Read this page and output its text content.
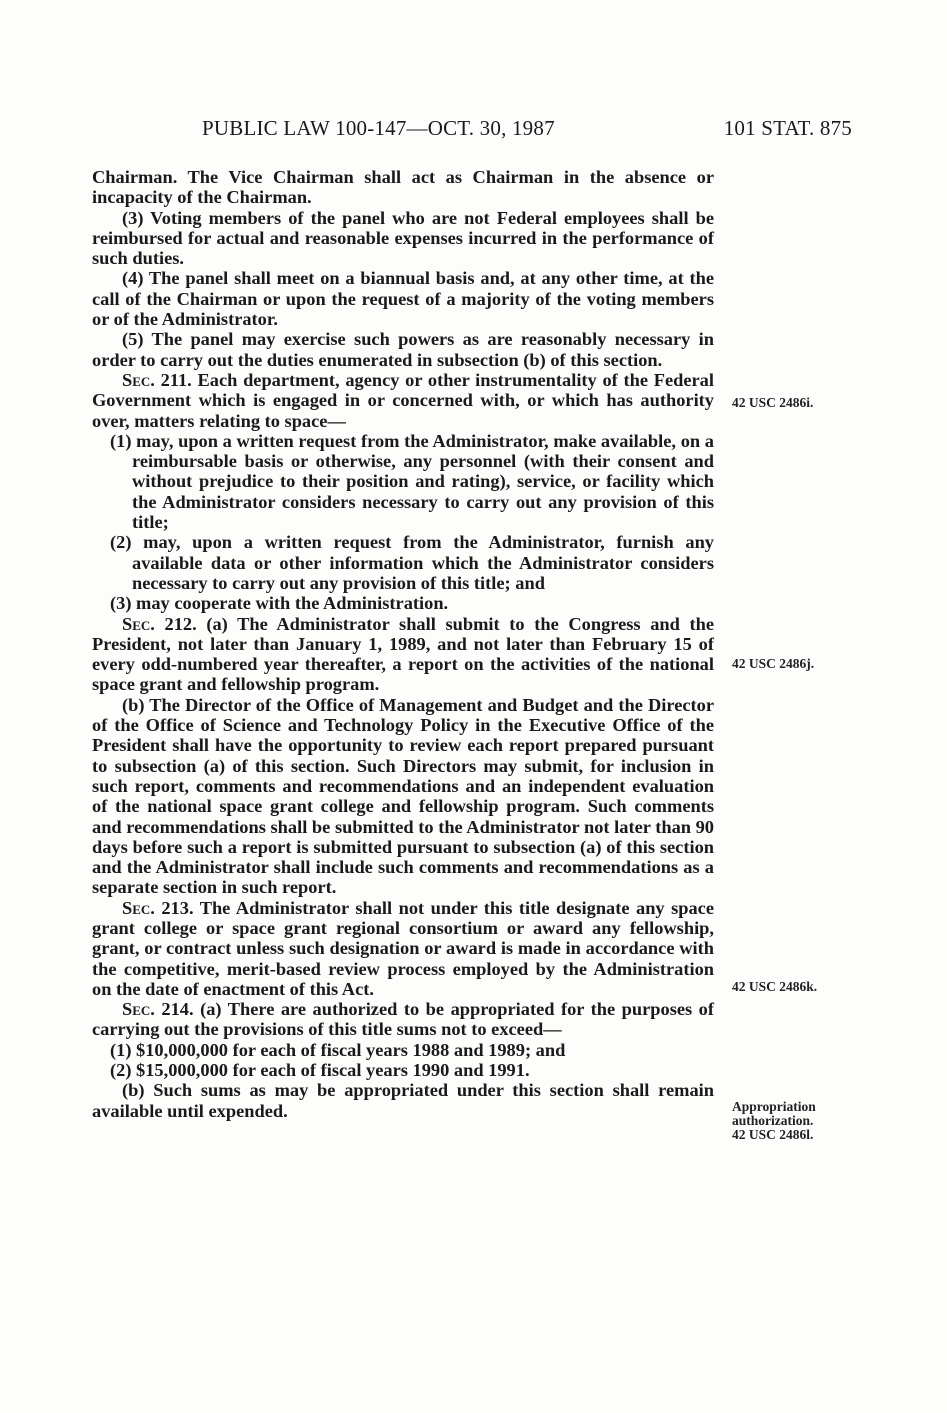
PUBLIC LAW 100-147—OCT. 30, 1987	101 STAT. 875

Chairman. The Vice Chairman shall act as Chairman in the absence or incapacity of the Chairman.

(3) Voting members of the panel who are not Federal employees shall be reimbursed for actual and reasonable expenses incurred in the performance of such duties.

(4) The panel shall meet on a biannual basis and, at any other time, at the call of the Chairman or upon the request of a majority of the voting members or of the Administrator.

(5) The panel may exercise such powers as are reasonably necessary in order to carry out the duties enumerated in subsection (b) of this section.

Sec. 211. Each department, agency or other instrumentality of the Federal Government which is engaged in or concerned with, or which has authority over, matters relating to space—

(1) may, upon a written request from the Administrator, make available, on a reimbursable basis or otherwise, any personnel (with their consent and without prejudice to their position and rating), service, or facility which the Administrator considers necessary to carry out any provision of this title;

(2) may, upon a written request from the Administrator, furnish any available data or other information which the Administrator considers necessary to carry out any provision of this title; and

(3) may cooperate with the Administration.

Sec. 212. (a) The Administrator shall submit to the Congress and the President, not later than January 1, 1989, and not later than February 15 of every odd-numbered year thereafter, a report on the activities of the national space grant and fellowship program.

(b) The Director of the Office of Management and Budget and the Director of the Office of Science and Technology Policy in the Executive Office of the President shall have the opportunity to review each report prepared pursuant to subsection (a) of this section. Such Directors may submit, for inclusion in such report, comments and recommendations and an independent evaluation of the national space grant college and fellowship program. Such comments and recommendations shall be submitted to the Administrator not later than 90 days before such a report is submitted pursuant to subsection (a) of this section and the Administrator shall include such comments and recommendations as a separate section in such report.

Sec. 213. The Administrator shall not under this title designate any space grant college or space grant regional consortium or award any fellowship, grant, or contract unless such designation or award is made in accordance with the competitive, merit-based review process employed by the Administration on the date of enactment of this Act.

Sec. 214. (a) There are authorized to be appropriated for the purposes of carrying out the provisions of this title sums not to exceed—

(1) $10,000,000 for each of fiscal years 1988 and 1989; and

(2) $15,000,000 for each of fiscal years 1990 and 1991.

(b) Such sums as may be appropriated under this section shall remain available until expended.

42 USC 2486i.
42 USC 2486j.
42 USC 2486k.
Appropriation
authorization.
42 USC 2486l.
